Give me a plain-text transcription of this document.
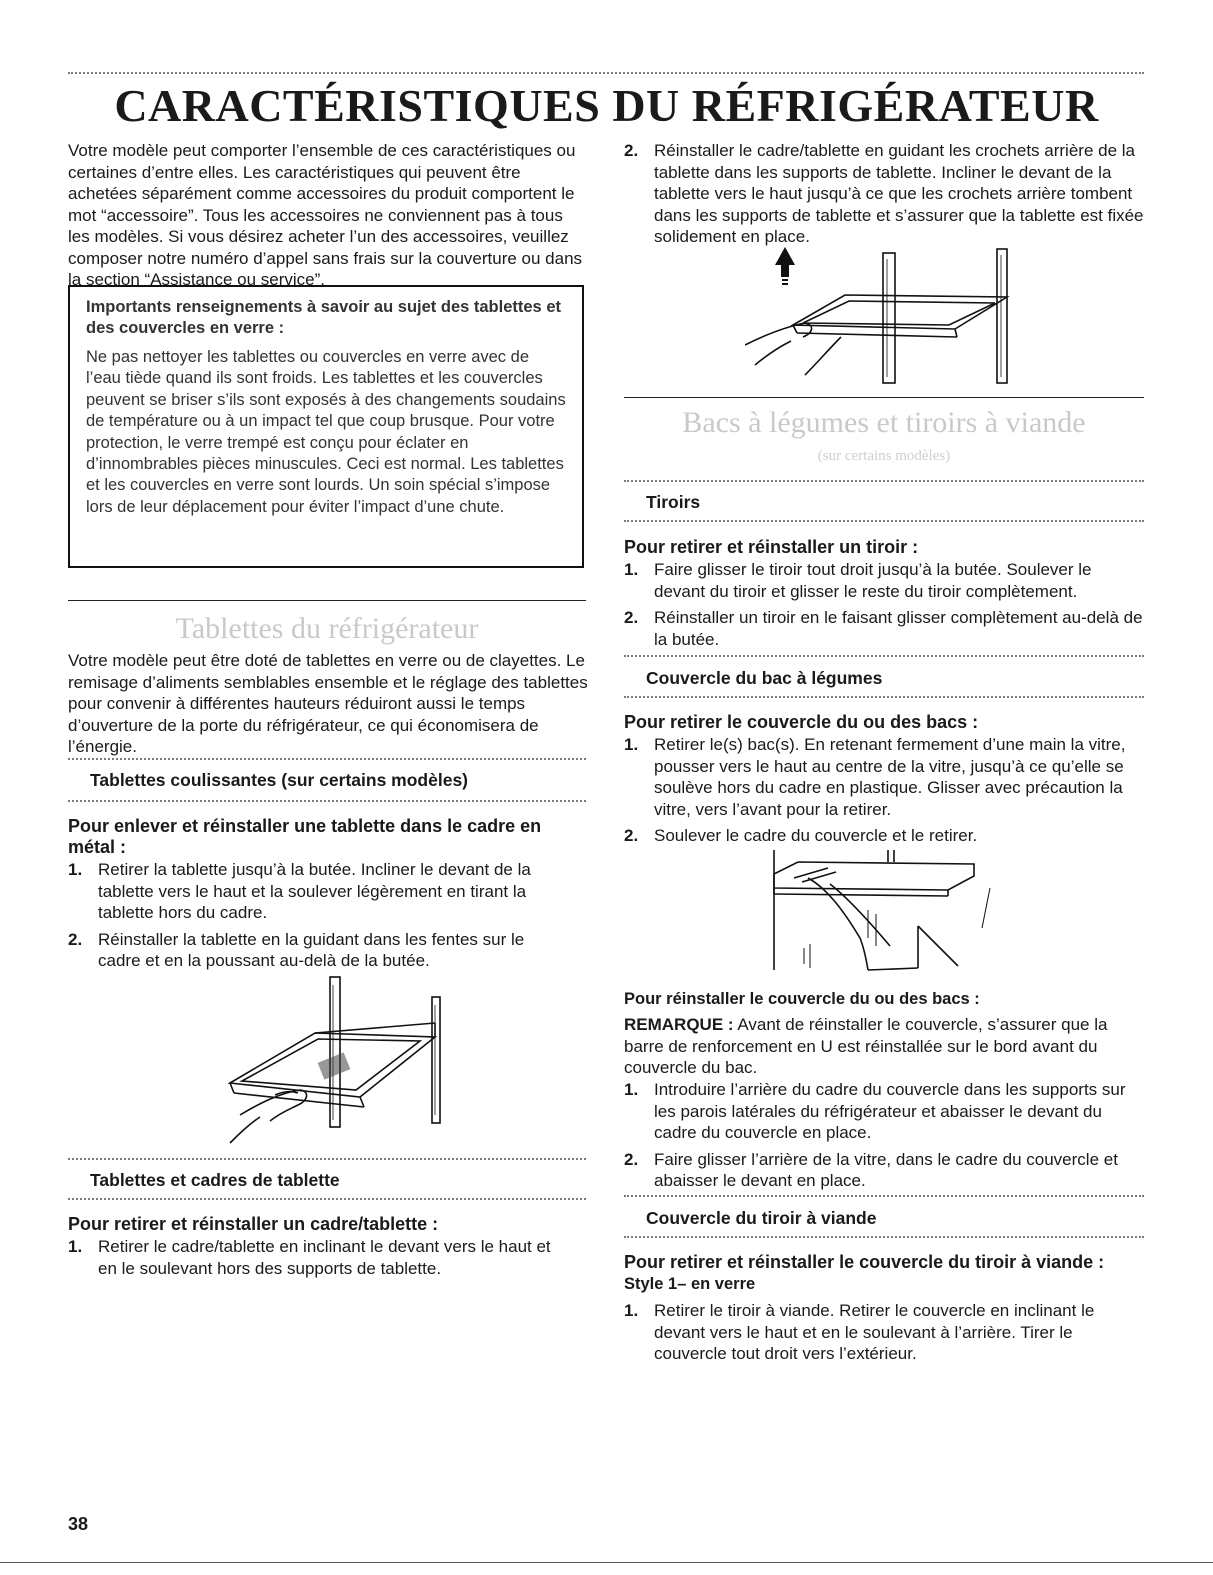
CARACTÉRISTIQUES DU RÉFRIGÉRATEUR

Votre modèle peut comporter l’ensemble de ces caractéristiques ou certaines d’entre elles. Les caractéristiques qui peuvent être achetées séparément comme accessoires du produit comportent le mot “accessoire”. Tous les accessoires ne conviennent pas à tous les modèles. Si vous désirez acheter l’un des accessoires, veuillez composer notre numéro d’appel sans frais sur la couverture ou dans la section “Assistance ou service”.

Importants renseignements à savoir au sujet des tablettes et des couvercles en verre :

Ne pas nettoyer les tablettes ou couvercles en verre avec de l’eau tiède quand ils sont froids. Les tablettes et les couvercles peuvent se briser s’ils sont exposés à des changements soudains de température ou à un impact tel que coup brusque. Pour votre protection, le verre trempé est conçu pour éclater en d’innombrables pièces minuscules. Ceci est normal. Les tablettes et les couvercles en verre sont lourds. Un soin spécial s’impose lors de leur déplacement pour éviter l’impact d’une chute.

Tablettes du réfrigérateur

Votre modèle peut être doté de tablettes en verre ou de clayettes. Le remisage d’aliments semblables ensemble et le réglage des tablettes pour convenir à différentes hauteurs réduiront aussi le temps d’ouverture de la porte du réfrigérateur, ce qui économisera de l’énergie.

Tablettes coulissantes (sur certains modèles)

Pour enlever et réinstaller une tablette dans le cadre en métal :

1. Retirer la tablette jusqu’à la butée. Incliner le devant de la tablette vers le haut et la soulever légèrement en tirant la tablette hors du cadre.
2. Réinstaller la tablette en la guidant dans les fentes sur le cadre et en la poussant au-delà de la butée.

Tablettes et cadres de tablette

Pour retirer et réinstaller un cadre/tablette :

1. Retirer le cadre/tablette en inclinant le devant vers le haut et en le soulevant hors des supports de tablette.
2. Réinstaller le cadre/tablette en guidant les crochets arrière de la tablette dans les supports de tablette. Incliner le devant de la tablette vers le haut jusqu’à ce que les crochets arrière tombent dans les supports de tablette et s’assurer que la tablette est fixée solidement en place.
Bacs à légumes et tiroirs à viande

(sur certains modèles)

Tiroirs

Pour retirer et réinstaller un tiroir :

1. Faire glisser le tiroir tout droit jusqu’à la butée. Soulever le devant du tiroir et glisser le reste du tiroir complètement.
2. Réinstaller un tiroir en le faisant glisser complètement au-delà de la butée.

Couvercle du bac à légumes

Pour retirer le couvercle du ou des bacs :

1. Retirer le(s) bac(s). En retenant fermement d’une main la vitre, pousser vers le haut au centre de la vitre, jusqu’à ce qu’elle se soulève hors du cadre en plastique. Glisser avec précaution la vitre, vers l’avant pour la retirer.
2. Soulever le cadre du couvercle et le retirer.

Pour réinstaller le couvercle du ou des bacs :

REMARQUE : Avant de réinstaller le couvercle, s’assurer que la barre de renforcement en U est réinstallée sur le bord avant du couvercle du bac.

1. Introduire l’arrière du cadre du couvercle dans les supports sur les parois latérales du réfrigérateur et abaisser le devant du cadre du couvercle en place.
2. Faire glisser l’arrière de la vitre, dans le cadre du couvercle et abaisser le devant en place.

Couvercle du tiroir à viande

Pour retirer et réinstaller le couvercle du tiroir à viande :

Style 1– en verre

1. Retirer le tiroir à viande. Retirer le couvercle en inclinant le devant vers le haut et en le soulevant à l’arrière. Tirer le couvercle tout droit vers l’extérieur.

38
